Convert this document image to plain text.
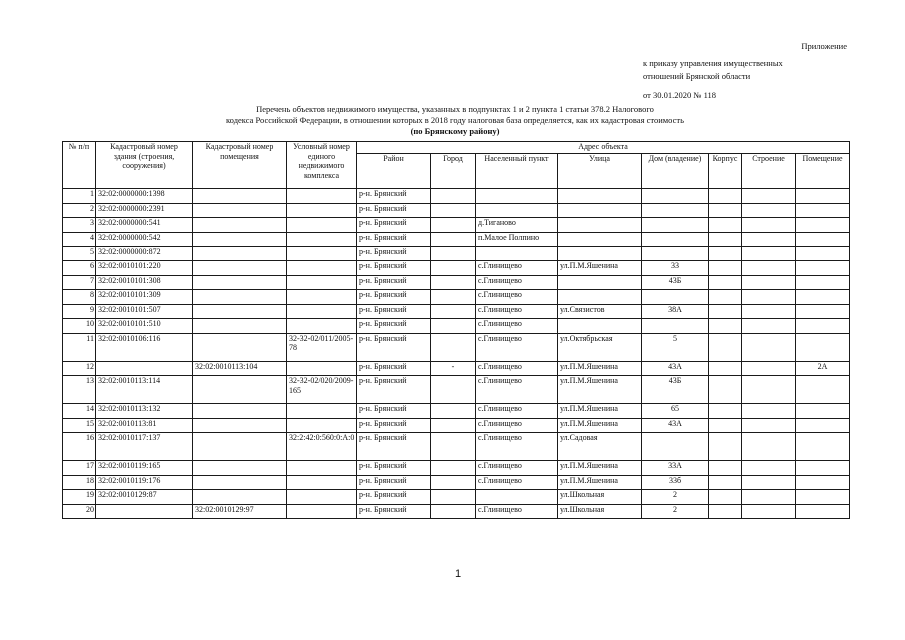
Приложение
к приказу управления имущественных
отношений Брянской области
от 30.01.2020 № 118
Перечень объектов недвижимого имущества, указанных в подпунктах 1 и 2 пункта 1 статьи 378.2 Налогового
кодекса Российской Федерации, в отношении которых в 2018 году налоговая база определяется, как их кадастровая стоимость
(по Брянскому району)
№ п/п	Кадастровый номер здания (строения, сооружения)	Кадастровый номер помещения	Условный номер единого недвижимого комплекса	Адрес объекта							
				Район	Город	Населенный пункт	Улица	Дом (владение)	Корпус	Строение	Помещение
1	32:02:0000000:1398			р-н. Брянский							
2	32:02:0000000:2391			р-н. Брянский							
3	32:02:0000000:541			р-н. Брянский		д.Тиганово					
4	32:02:0000000:542			р-н. Брянский		п.Малое Полпино					
5	32:02:0000000:872			р-н. Брянский							
6	32:02:0010101:220			р-н. Брянский		с.Глинищево	ул.П.М.Яшенина	33			
7	32:02:0010101:308			р-н. Брянский		с.Глинищево		43Б			
8	32:02:0010101:309			р-н. Брянский		с.Глинищево					
9	32:02:0010101:507			р-н. Брянский		с.Глинищево	ул.Связистов	38А			
10	32:02:0010101:510			р-н. Брянский		с.Глинищево					
11	32:02:0010106:116		32-32-02/011/2005-78	р-н. Брянский		с.Глинищево	ул.Октябрьская	5			
12		32:02:0010113:104		р-н. Брянский	-	с.Глинищево	ул.П.М.Яшенина	43А			2А
13	32:02:0010113:114		32-32-02/020/2009-165	р-н. Брянский		с.Глинищево	ул.П.М.Яшенина	43Б			
14	32:02:0010113:132			р-н. Брянский		с.Глинищево	ул.П.М.Яшенина	65			
15	32:02:0010113:81			р-н. Брянский		с.Глинищево	ул.П.М.Яшенина	43А			
16	32:02:0010117:137		32:2:42:0:560:0:А:0	р-н. Брянский		с.Глинищево	ул.Садовая				
17	32:02:0010119:165			р-н. Брянский		с.Глинищево	ул.П.М.Яшенина	33А			
18	32:02:0010119:176			р-н. Брянский		с.Глинищево	ул.П.М.Яшенина	33б			
19	32:02:0010129:87			р-н. Брянский			ул.Школьная	2			
20		32:02:0010129:97		р-н. Брянский		с.Глинищево	ул.Школьная	2			
1
